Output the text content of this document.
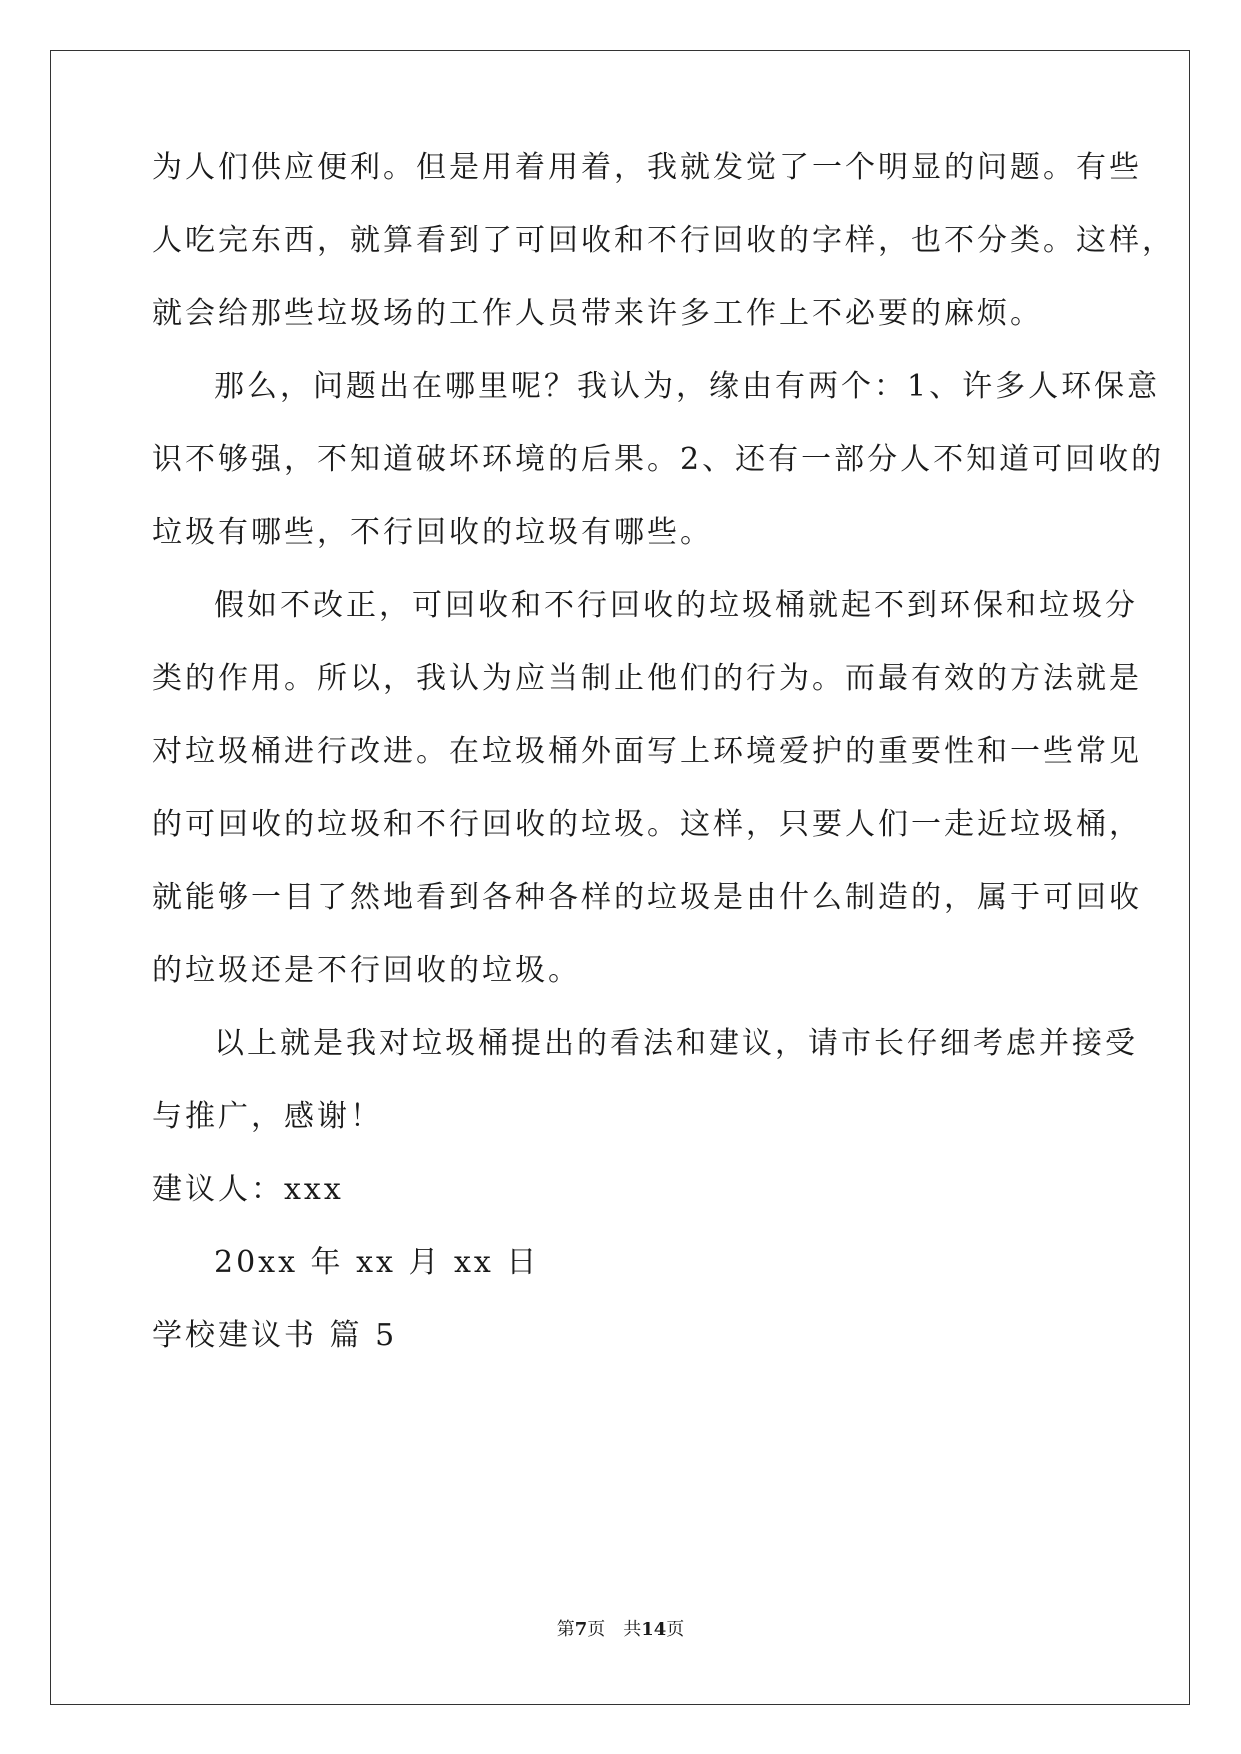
为人们供应便利。但是用着用着，我就发觉了一个明显的问题。有些
人吃完东西，就算看到了可回收和不行回收的字样，也不分类。这样，
就会给那些垃圾场的工作人员带来许多工作上不必要的麻烦。
那么，问题出在哪里呢？我认为，缘由有两个：1、许多人环保意
识不够强，不知道破坏环境的后果。2、还有一部分人不知道可回收的
垃圾有哪些，不行回收的垃圾有哪些。
假如不改正，可回收和不行回收的垃圾桶就起不到环保和垃圾分
类的作用。所以，我认为应当制止他们的行为。而最有效的方法就是
对垃圾桶进行改进。在垃圾桶外面写上环境爱护的重要性和一些常见
的可回收的垃圾和不行回收的垃圾。这样，只要人们一走近垃圾桶，
就能够一目了然地看到各种各样的垃圾是由什么制造的，属于可回收
的垃圾还是不行回收的垃圾。
以上就是我对垃圾桶提出的看法和建议，请市长仔细考虑并接受
与推广，感谢！
建议人：xxx
20xx 年 xx 月 xx 日
学校建议书 篇 5
第7页 共14页
